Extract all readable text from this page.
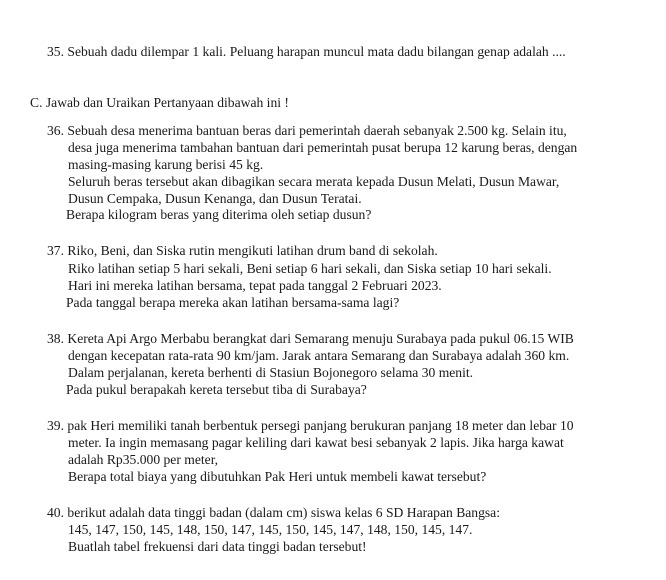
35. Sebuah dadu dilempar 1 kali. Peluang harapan muncul mata dadu bilangan genap adalah ....
C. Jawab dan Uraikan Pertanyaan dibawah ini !
36. Sebuah desa menerima bantuan beras dari pemerintah daerah sebanyak 2.500 kg. Selain itu,
desa juga menerima tambahan bantuan dari pemerintah pusat berupa 12 karung beras, dengan
masing-masing karung berisi 45 kg.
Seluruh beras tersebut akan dibagikan secara merata kepada Dusun Melati, Dusun Mawar,
Dusun Cempaka, Dusun Kenanga, dan Dusun Teratai.
Berapa kilogram beras yang diterima oleh setiap dusun?
37. Riko, Beni, dan Siska rutin mengikuti latihan drum band di sekolah.
Riko latihan setiap 5 hari sekali, Beni setiap 6 hari sekali, dan Siska setiap 10 hari sekali.
Hari ini mereka latihan bersama, tepat pada tanggal 2 Februari 2023.
Pada tanggal berapa mereka akan latihan bersama-sama lagi?
38. Kereta Api Argo Merbabu berangkat dari Semarang menuju Surabaya pada pukul 06.15 WIB
dengan kecepatan rata-rata 90 km/jam. Jarak antara Semarang dan Surabaya adalah 360 km.
Dalam perjalanan, kereta berhenti di Stasiun Bojonegoro selama 30 menit.
Pada pukul berapakah kereta tersebut tiba di Surabaya?
39. pak Heri memiliki tanah berbentuk persegi panjang berukuran panjang 18 meter dan lebar 10
meter. Ia ingin memasang pagar keliling dari kawat besi sebanyak 2 lapis. Jika harga kawat
adalah Rp35.000 per meter,
Berapa total biaya yang dibutuhkan Pak Heri untuk membeli kawat tersebut?
40. berikut adalah data tinggi badan (dalam cm) siswa kelas 6 SD Harapan Bangsa:
145, 147, 150, 145, 148, 150, 147, 145, 150, 145, 147, 148, 150, 145, 147.
Buatlah tabel frekuensi dari data tinggi badan tersebut!
